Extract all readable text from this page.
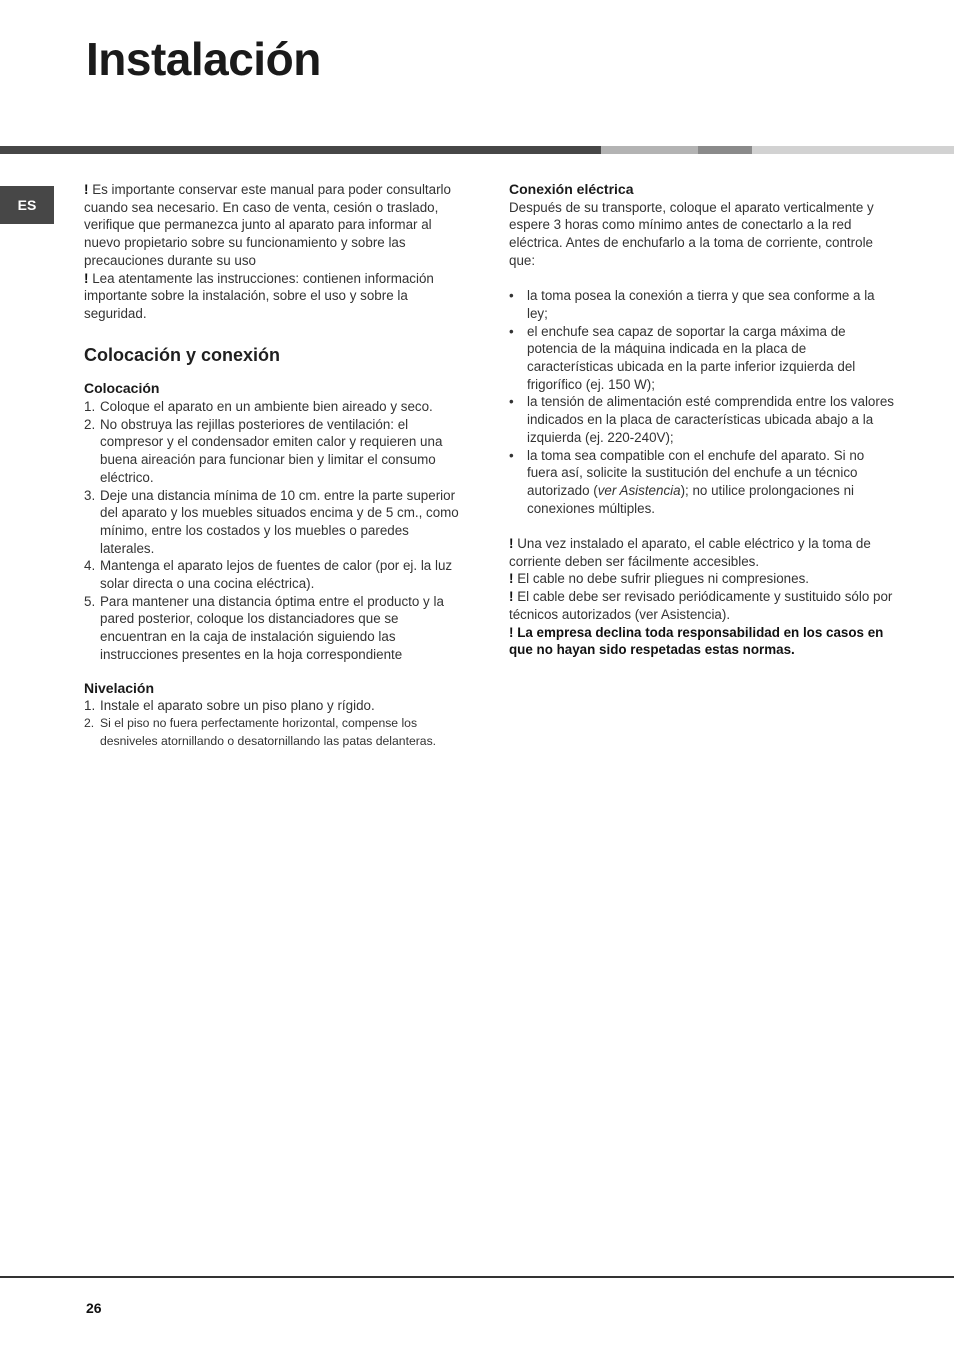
Instalación
ES

! Es importante conservar este manual para poder consultarlo cuando sea necesario. En caso de venta, cesión o traslado, verifique que permanezca junto al aparato para informar al nuevo propietario sobre su funcionamiento y sobre las precauciones durante su uso

! Lea atentamente las instrucciones: contienen información importante sobre la instalación, sobre el uso y sobre la seguridad.

Colocación y conexión
Colocación
1. Coloque el aparato en un ambiente bien aireado y seco.
2. No obstruya las rejillas posteriores de ventilación: el compresor y el condensador emiten calor y requieren una buena aireación para funcionar bien y limitar el consumo eléctrico.
3. Deje una distancia mínima de 10 cm. entre la parte superior del aparato y los muebles situados encima y de 5 cm., como mínimo, entre los costados y los muebles o paredes laterales.
4. Mantenga el aparato lejos de fuentes de calor (por ej. la luz solar directa o una cocina eléctrica).
5. Para mantener una distancia óptima entre el producto y la pared posterior, coloque los distanciadores que se encuentran en la caja de instalación siguiendo las instrucciones presentes en la hoja correspondiente
Nivelación
1. Instale el aparato sobre un piso plano y rígido.
2. Si el piso no fuera perfectamente horizontal, compense los desniveles atornillando o desatornillando las patas delanteras.
Conexión eléctrica

Después de su transporte, coloque el aparato verticalmente y espere 3 horas como mínimo antes de conectarlo a la red eléctrica. Antes de enchufarlo a la toma de corriente, controle que:

• la toma posea la conexión a tierra y que sea conforme a la ley;
• el enchufe sea capaz de soportar la carga máxima de potencia de la máquina indicada en la placa de características ubicada en la parte inferior izquierda del frigorífico (ej. 150 W);
• la tensión de alimentación esté comprendida entre los valores indicados en la placa de características ubicada abajo a la izquierda (ej. 220-240V);
• la toma sea compatible con el enchufe del aparato. Si no fuera así, solicite la sustitución del enchufe a un técnico autorizado (ver Asistencia); no utilice prolongaciones ni conexiones múltiples.

! Una vez instalado el aparato, el cable eléctrico y la toma de corriente deben ser fácilmente accesibles.

! El cable no debe sufrir pliegues ni compresiones.

! El cable debe ser revisado periódicamente y sustituido sólo por técnicos autorizados (ver Asistencia).

! La empresa declina toda responsabilidad en los casos en que no hayan sido respetadas estas normas.

26
